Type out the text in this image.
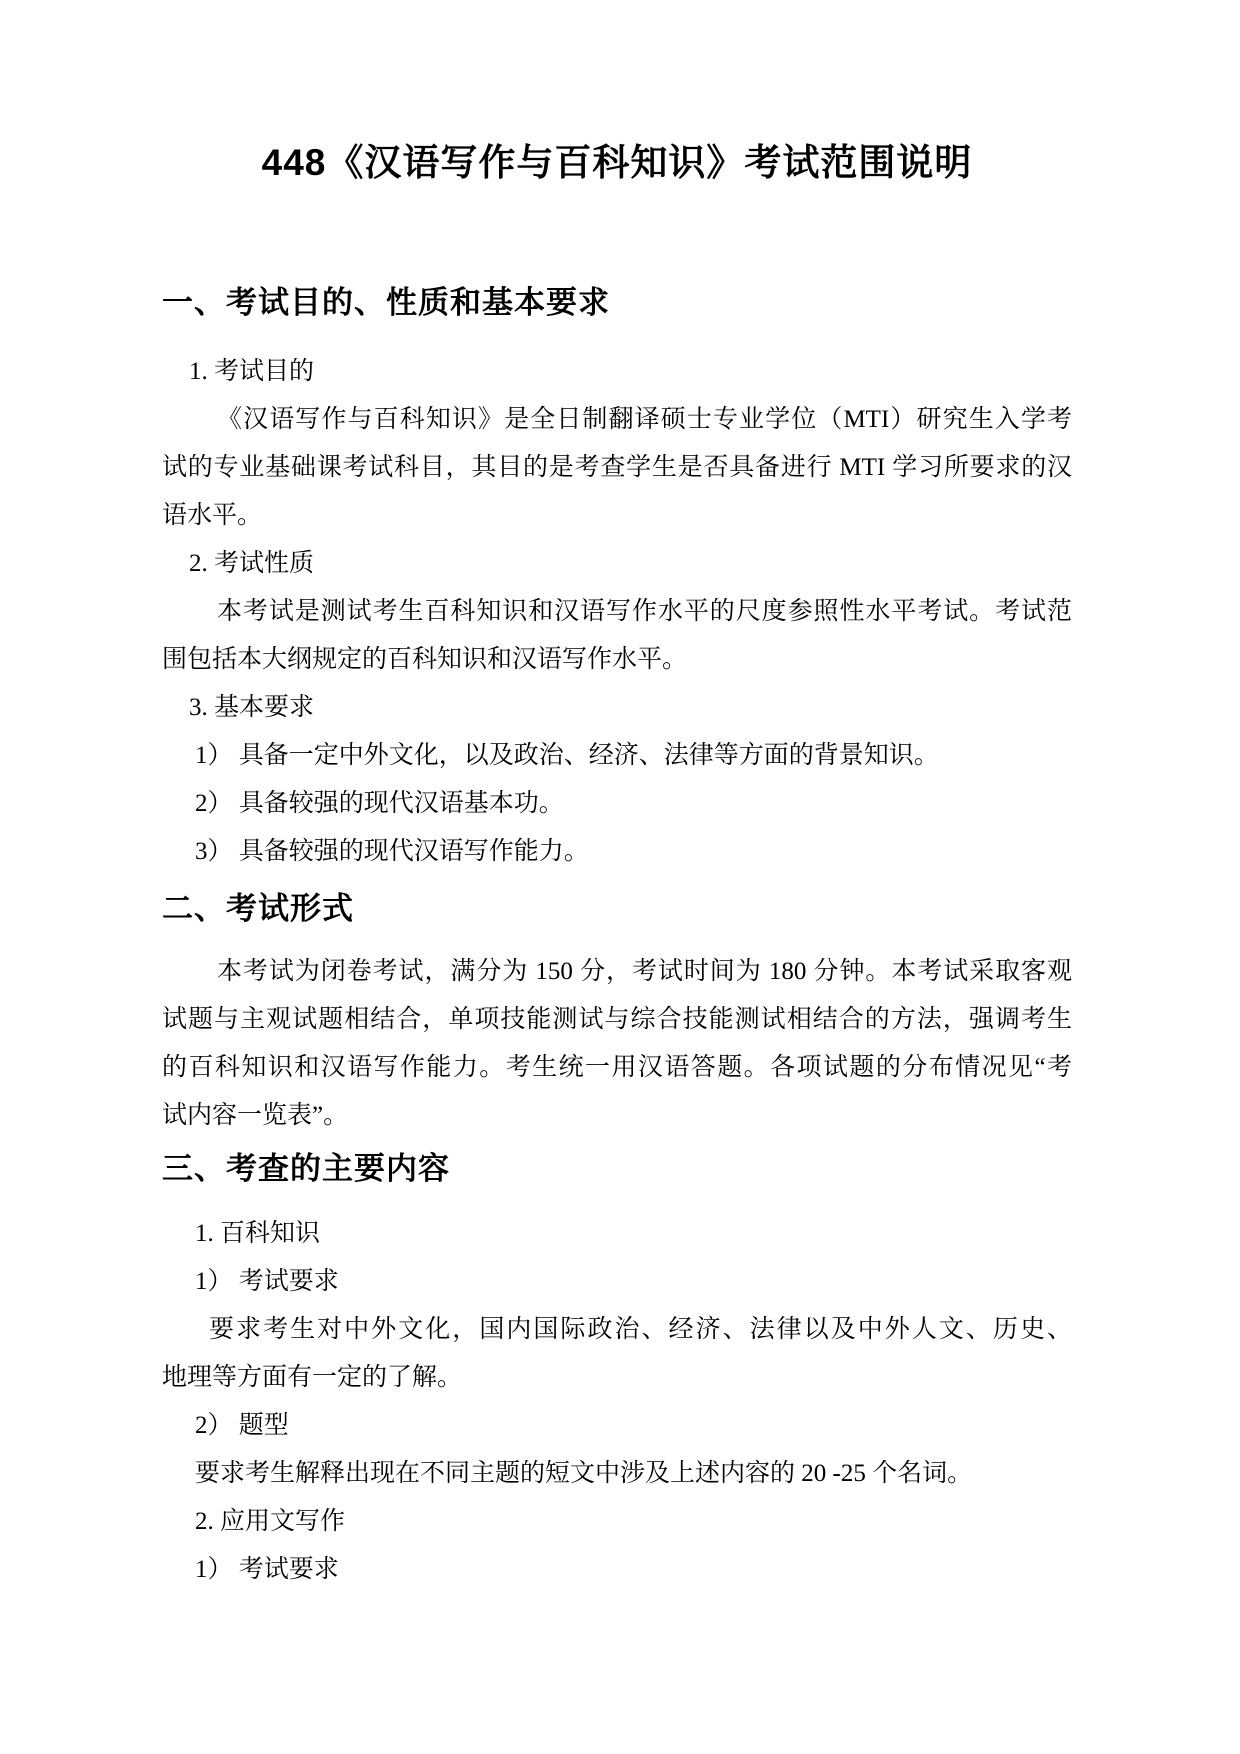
448《汉语写作与百科知识》考试范围说明
一、考试目的、性质和基本要求
1. 考试目的
《汉语写作与百科知识》是全日制翻译硕士专业学位（MTI）研究生入学考
试的专业基础课考试科目，其目的是考查学生是否具备进行 MTI 学习所要求的汉
语水平。
2. 考试性质
本考试是测试考生百科知识和汉语写作水平的尺度参照性水平考试。考试范
围包括本大纲规定的百科知识和汉语写作水平。
3. 基本要求
1） 具备一定中外文化，以及政治、经济、法律等方面的背景知识。
2） 具备较强的现代汉语基本功。
3） 具备较强的现代汉语写作能力。
二、考试形式
本考试为闭卷考试，满分为 150 分，考试时间为 180 分钟。本考试采取客观
试题与主观试题相结合，单项技能测试与综合技能测试相结合的方法，强调考生
的百科知识和汉语写作能力。考生统一用汉语答题。各项试题的分布情况见“考
试内容一览表”。
三、考查的主要内容
1. 百科知识
1） 考试要求
要求考生对中外文化，国内国际政治、经济、法律以及中外人文、历史、
地理等方面有一定的了解。
2） 题型
要求考生解释出现在不同主题的短文中涉及上述内容的 20 -25 个名词。
2. 应用文写作
1） 考试要求
